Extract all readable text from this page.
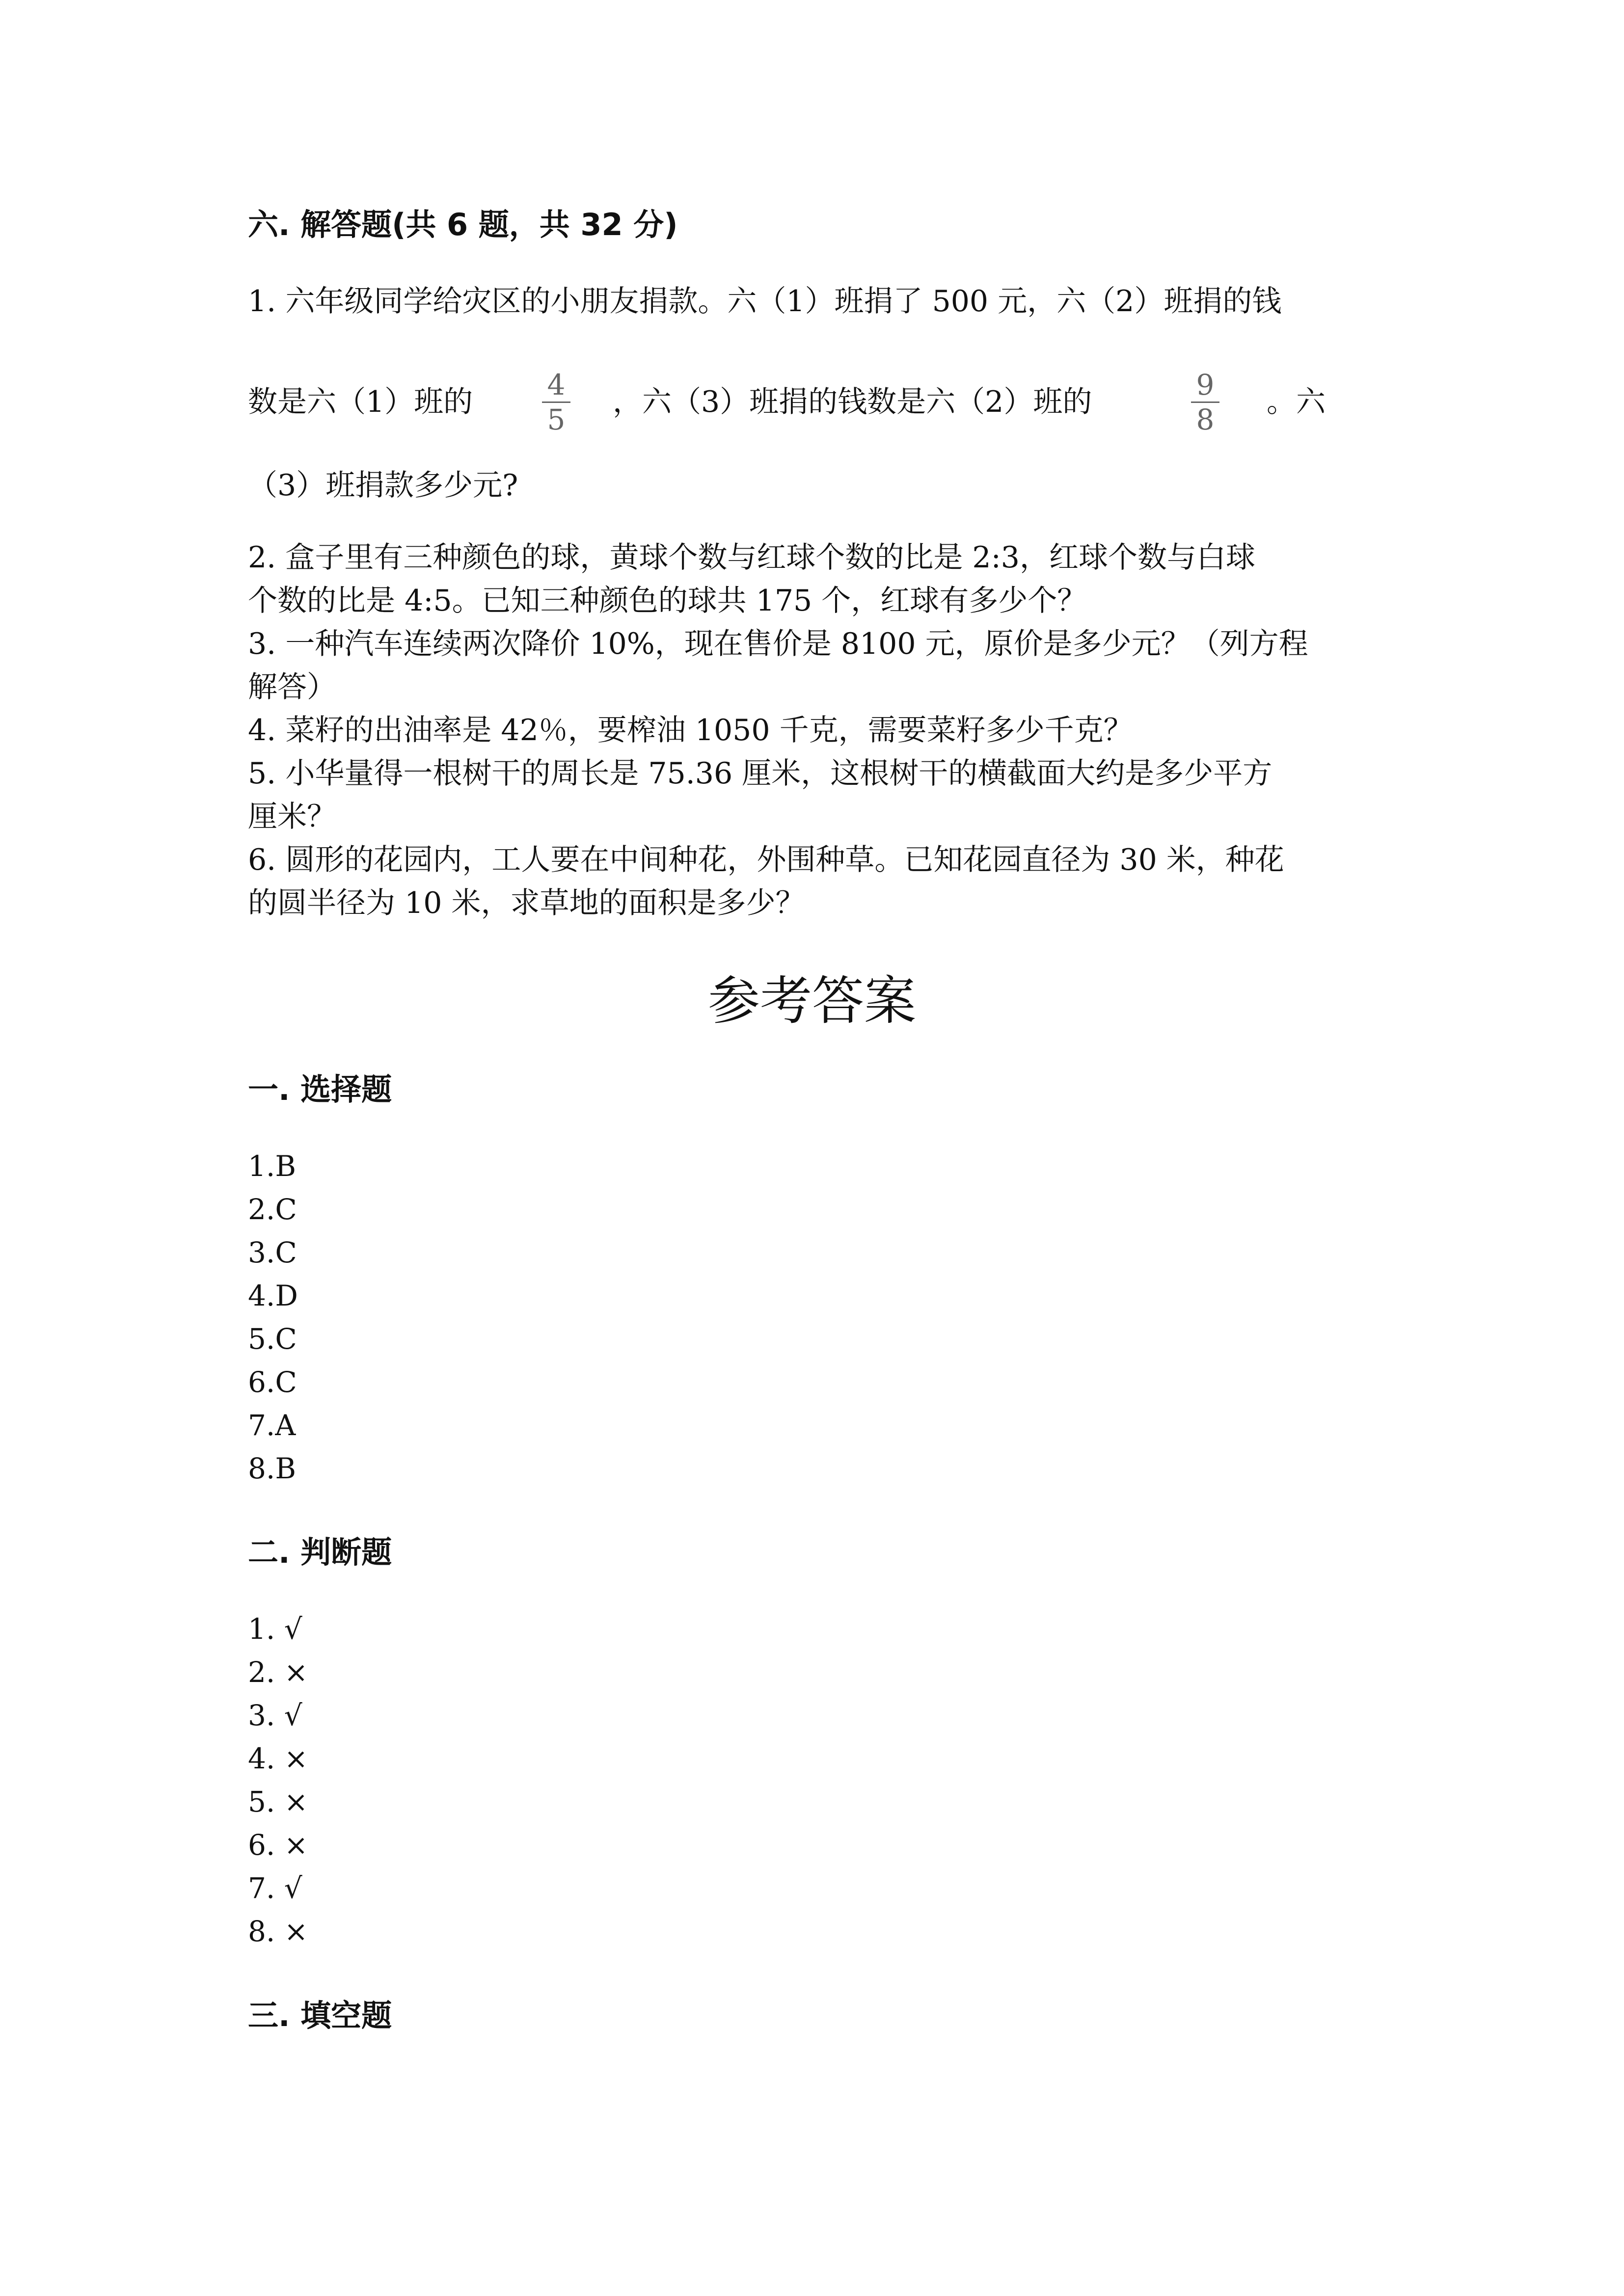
六. 解答题(共 6 题，共 32 分)
1. 六年级同学给灾区的小朋友捐款。六（1）班捐了 500 元，六（2）班捐的钱
数是六（1）班的	4
5
，六（3）班捐的钱数是六（2）班的	9
8
。六
（3）班捐款多少元?
2. 盒子里有三种颜色的球，黄球个数与红球个数的比是 2:3，红球个数与白球
个数的比是 4:5。已知三种颜色的球共 175 个，红球有多少个？
3. 一种汽车连续两次降价 10%，现在售价是 8100 元，原价是多少元？（列方程
解答）
4. 菜籽的出油率是 42％，要榨油 1050 千克，需要菜籽多少千克？
5. 小华量得一根树干的周长是 75.36 厘米，这根树干的横截面大约是多少平方
厘米？
6. 圆形的花园内，工人要在中间种花，外围种草。已知花园直径为 30 米，种花
的圆半径为 10 米，求草地的面积是多少？
参考答案
一. 选择题
1.B
2.C
3.C
4.D
5.C
6.C
7.A
8.B
二. 判断题
1. √
2. ×
3. √
4. ×
5. ×
6. ×
7. √
8. ×
三. 填空题
